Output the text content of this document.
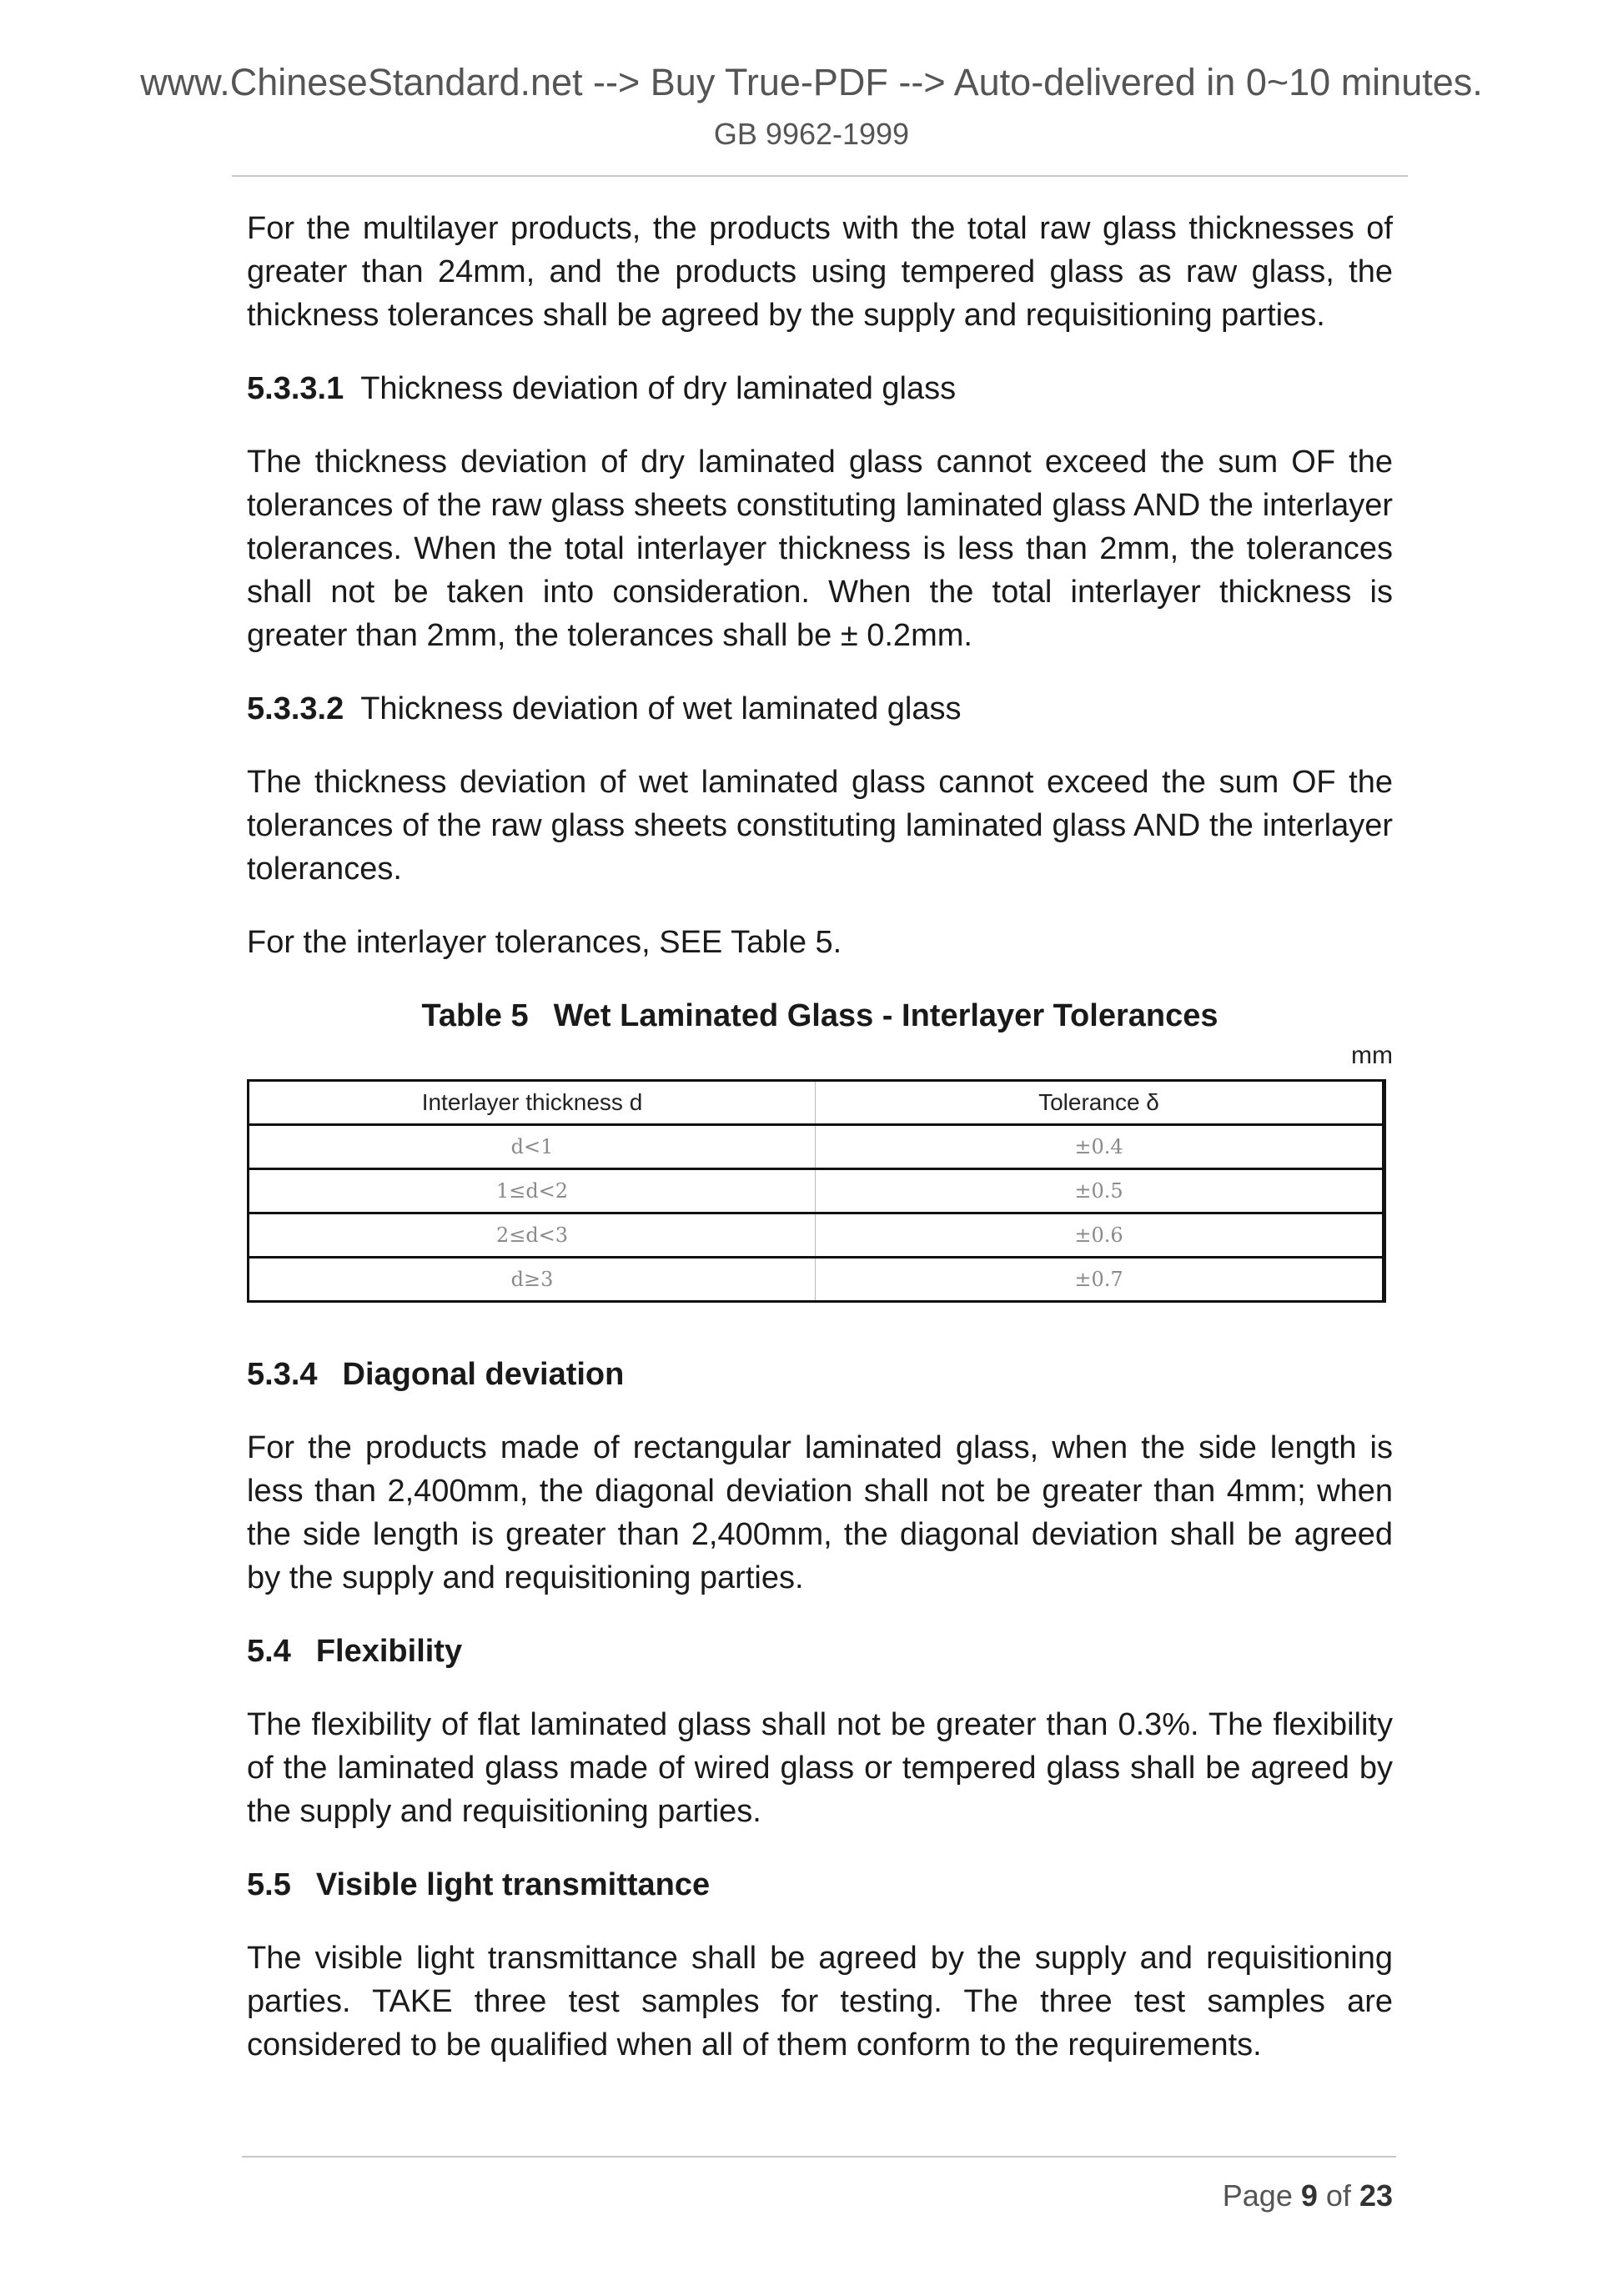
www.ChineseStandard.net --> Buy True-PDF --> Auto-delivered in 0~10 minutes.
GB 9962-1999

For the multilayer products, the products with the total raw glass thicknesses of greater than 24mm, and the products using tempered glass as raw glass, the thickness tolerances shall be agreed by the supply and requisitioning parties.

5.3.3.1 Thickness deviation of dry laminated glass

The thickness deviation of dry laminated glass cannot exceed the sum OF the tolerances of the raw glass sheets constituting laminated glass AND the interlayer tolerances. When the total interlayer thickness is less than 2mm, the tolerances shall not be taken into consideration. When the total interlayer thickness is greater than 2mm, the tolerances shall be ± 0.2mm.

5.3.3.2 Thickness deviation of wet laminated glass

The thickness deviation of wet laminated glass cannot exceed the sum OF the tolerances of the raw glass sheets constituting laminated glass AND the interlayer tolerances.

For the interlayer tolerances, SEE Table 5.

Table 5 Wet Laminated Glass - Interlayer Tolerances
mm
Interlayer thickness d	Tolerance δ
d<1	±0.4
1≤d<2	±0.5
2≤d<3	±0.6
d≥3	±0.7
5.3.4 Diagonal deviation

For the products made of rectangular laminated glass, when the side length is less than 2,400mm, the diagonal deviation shall not be greater than 4mm; when the side length is greater than 2,400mm, the diagonal deviation shall be agreed by the supply and requisitioning parties.

5.4 Flexibility

The flexibility of flat laminated glass shall not be greater than 0.3%. The flexibility of the laminated glass made of wired glass or tempered glass shall be agreed by the supply and requisitioning parties.

5.5 Visible light transmittance

The visible light transmittance shall be agreed by the supply and requisitioning parties. TAKE three test samples for testing. The three test samples are considered to be qualified when all of them conform to the requirements.

Page 9 of 23
